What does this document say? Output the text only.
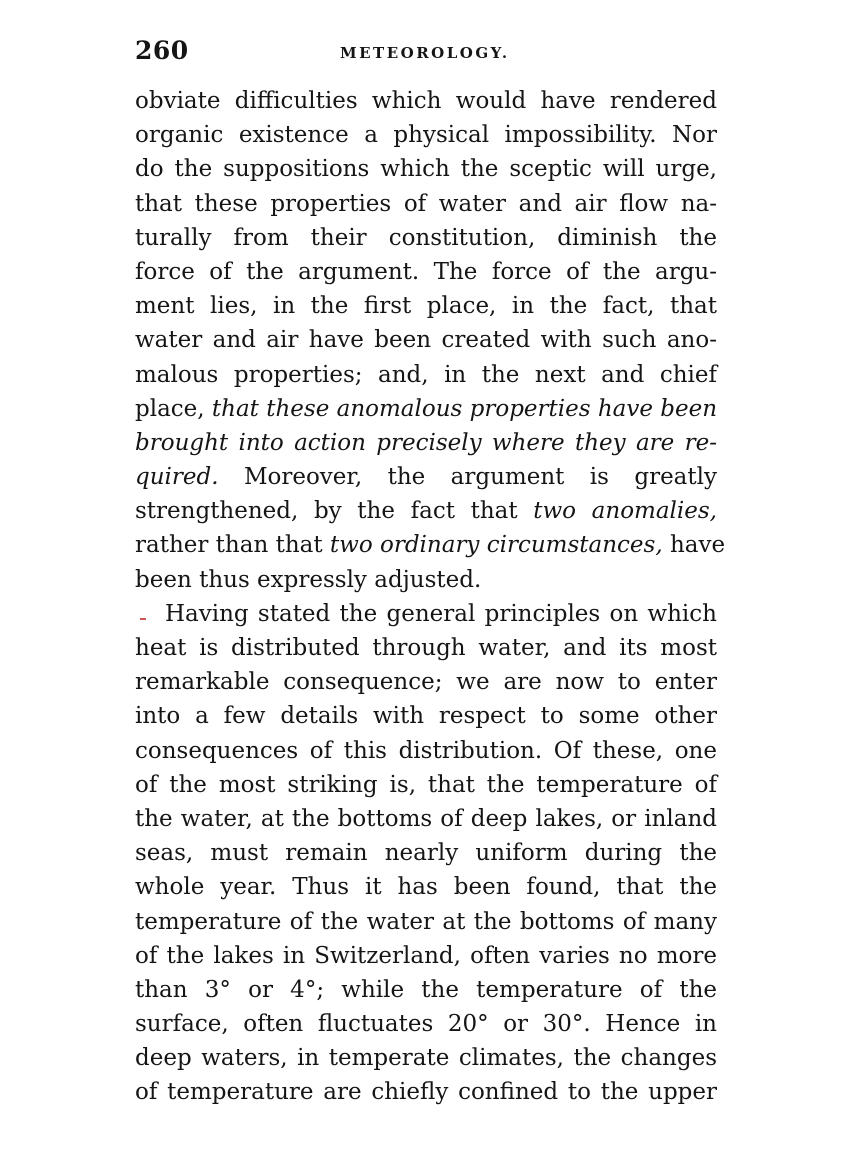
260	METEOROLOGY.
obviate difficulties which would have rendered
organic existence a physical impossibility. Nor
do the suppositions which the sceptic will urge,
that these properties of water and air flow na-
turally from their constitution, diminish the
force of the argument. The force of the argu-
ment lies, in the first place, in the fact, that
water and air have been created with such ano-
malous properties; and, in the next and chief
place, that these anomalous properties have been
brought into action precisely where they are re-
quired. Moreover, the argument is greatly
strengthened, by the fact that two anomalies,
rather than that two ordinary circumstances, have
been thus expressly adjusted.
Having stated the general principles on which
heat is distributed through water, and its most
remarkable consequence; we are now to enter
into a few details with respect to some other
consequences of this distribution. Of these, one
of the most striking is, that the temperature of
the water, at the bottoms of deep lakes, or inland
seas, must remain nearly uniform during the
whole year. Thus it has been found, that the
temperature of the water at the bottoms of many
of the lakes in Switzerland, often varies no more
than 3° or 4°; while the temperature of the
surface, often fluctuates 20° or 30°. Hence in
deep waters, in temperate climates, the changes
of temperature are chiefly confined to the upper
